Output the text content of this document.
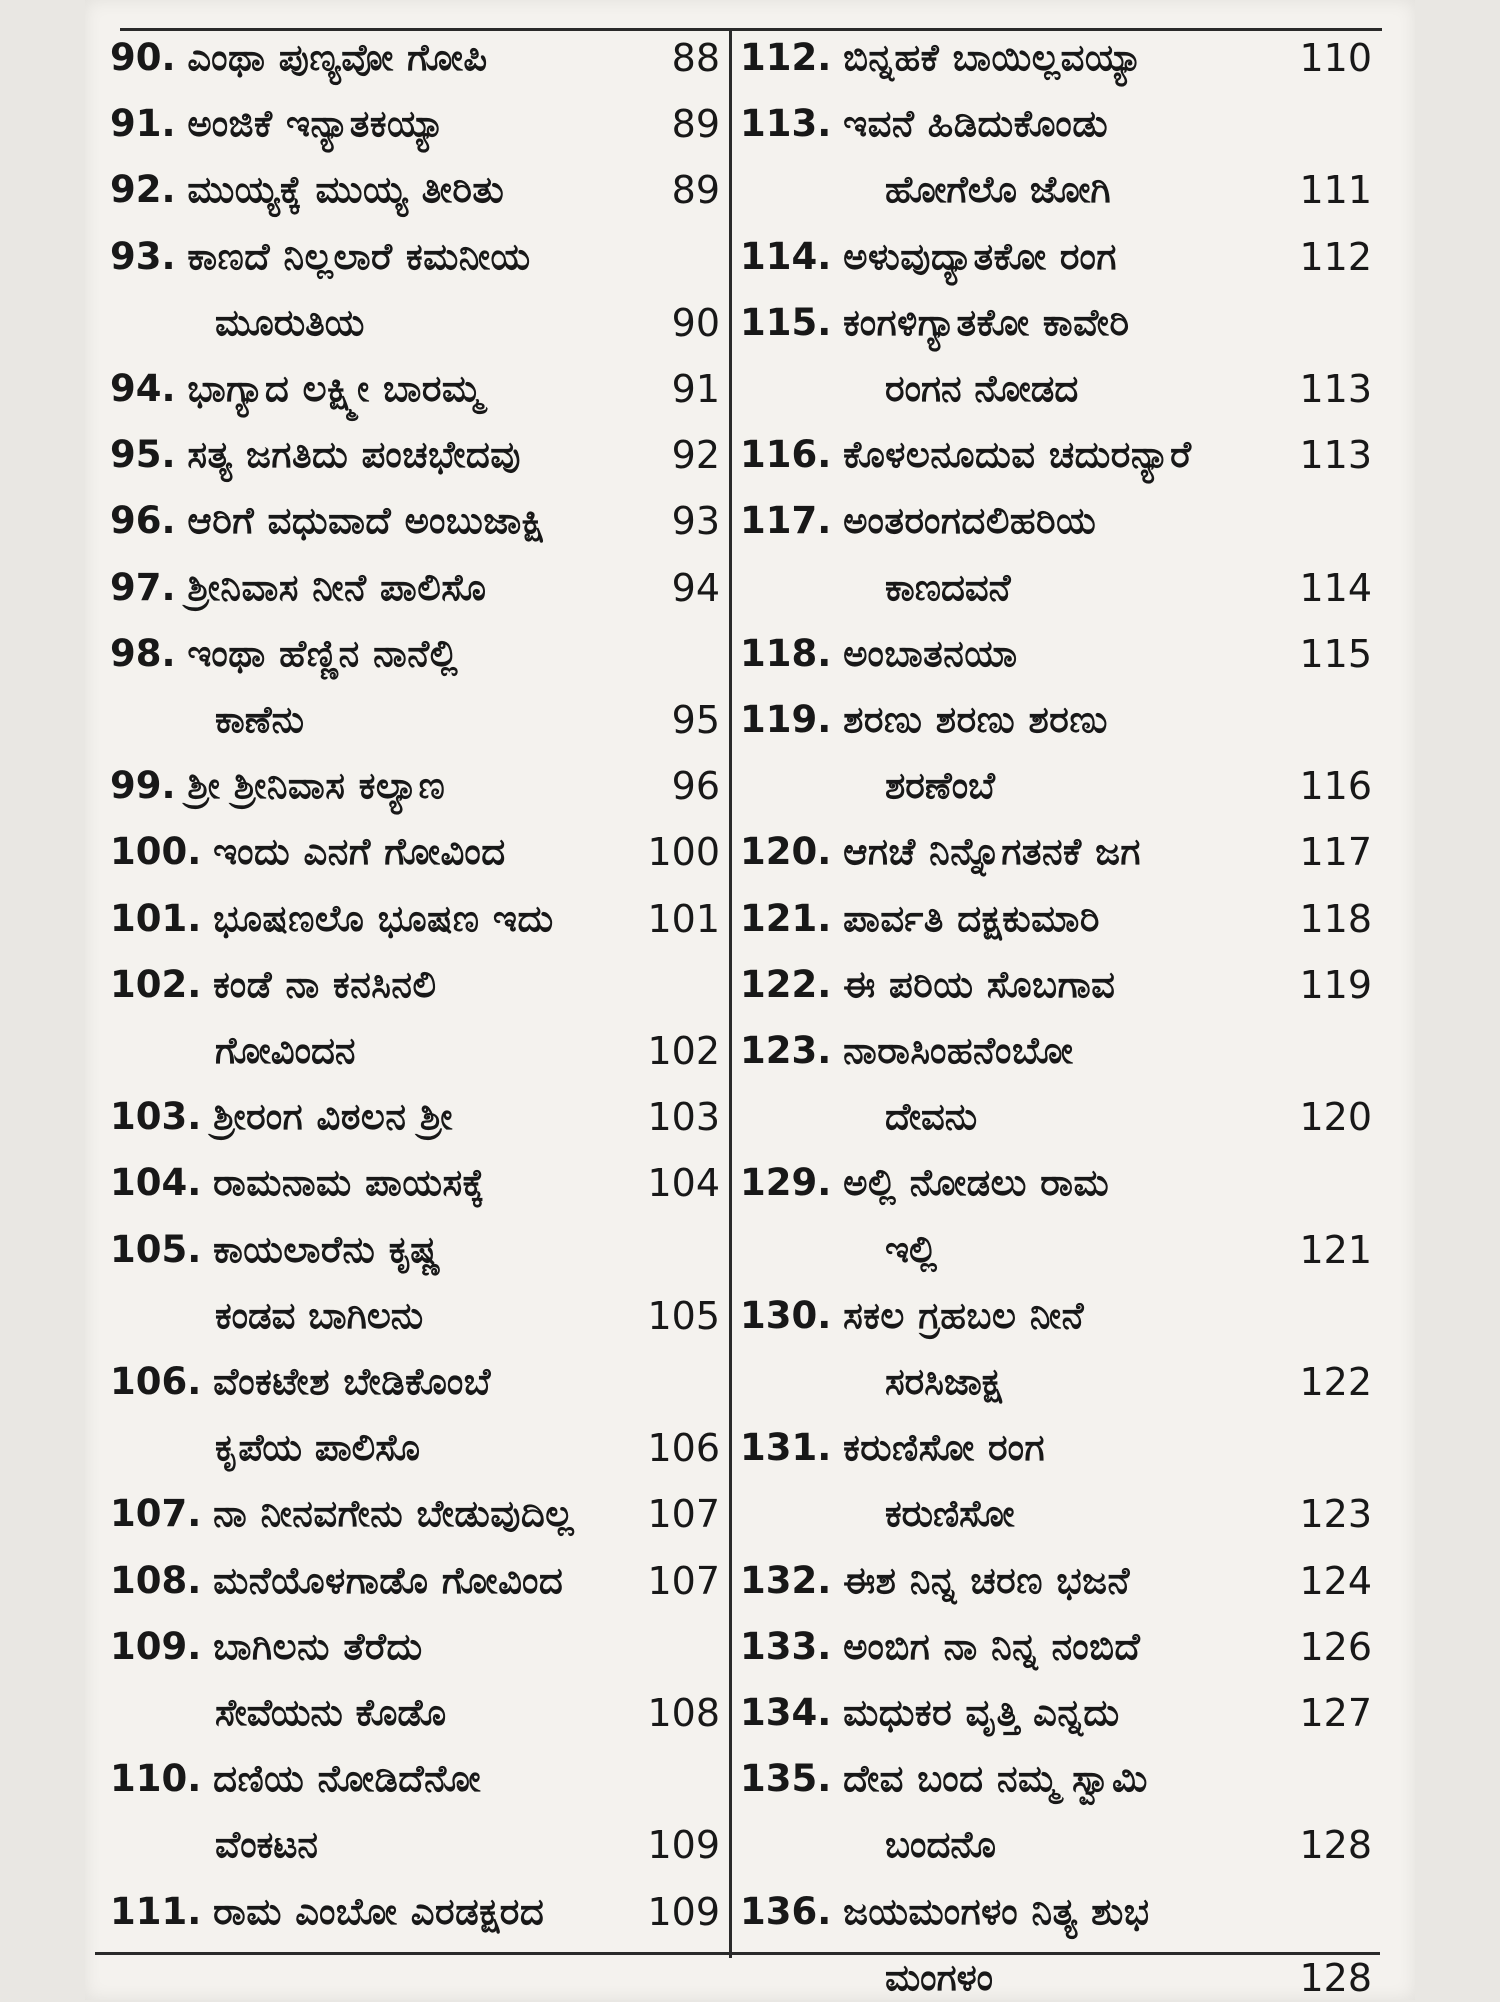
90. ಎಂಥಾ ಪುಣ್ಯವೋ ಗೋಪಿ	88
91. ಅಂಜಿಕೆ ಇನ್ಯಾತಕಯ್ಯಾ	89
92. ಮುಯ್ಯಕ್ಕೆ ಮುಯ್ಯ ತೀರಿತು	89
93. ಕಾಣದೆ ನಿಲ್ಲಲಾರೆ ಕಮನೀಯ
ಮೂರುತಿಯ	90
94. ಭಾಗ್ಯಾದ ಲಕ್ಷ್ಮೀ ಬಾರಮ್ಮ	91
95. ಸತ್ಯ ಜಗತಿದು ಪಂಚಭೇದವು	92
96. ಆರಿಗೆ ವಧುವಾದೆ ಅಂಬುಜಾಕ್ಷಿ	93
97. ಶ್ರೀನಿವಾಸ ನೀನೆ ಪಾಲಿಸೊ	94
98. ಇಂಥಾ ಹೆಣ್ಣಿನ ನಾನೆಲ್ಲಿ
ಕಾಣೆನು	95
99. ಶ್ರೀ ಶ್ರೀನಿವಾಸ ಕಲ್ಯಾಣ	96
100. ಇಂದು ಎನಗೆ ಗೋವಿಂದ	100
101. ಭೂಷಣಲೊ ಭೂಷಣ ಇದು 101
102. ಕಂಡೆ ನಾ ಕನಸಿನಲಿ
ಗೋವಿಂದನ	102
103. ಶ್ರೀರಂಗ ವಿಠಲನ ಶ್ರೀ	103
104. ರಾಮನಾಮ ಪಾಯಸಕ್ಕೆ	104
105. ಕಾಯಲಾರೆನು ಕೃಷ್ಣ
ಕಂಡವ ಬಾಗಿಲನು	105
106. ವೆಂಕಟೇಶ ಬೇಡಿಕೊಂಬೆ
ಕೃಪೆಯ ಪಾಲಿಸೊ	106
107. ನಾ ನೀನವಗೇನು ಬೇಡುವುದಿಲ್ಲ 107
108. ಮನೆಯೊಳಗಾಡೊ ಗೋವಿಂದ 107
109. ಬಾಗಿಲನು ತೆರೆದು
ಸೇವೆಯನು ಕೊಡೊ	108
110. ದಣಿಯ ನೋಡಿದೆನೋ
ವೆಂಕಟನ	109
111. ರಾಮ ಎಂಬೋ ಎರಡಕ್ಷರದ	109
112. ಬಿನ್ನಹಕೆ ಬಾಯಿಲ್ಲವಯ್ಯಾ	110
113. ಇವನೆ ಹಿಡಿದುಕೊಂಡು
ಹೋಗೆಲೊ ಜೋಗಿ	111
114. ಅಳುವುದ್ಯಾತಕೋ ರಂಗ	112
115. ಕಂಗಳಿಗ್ಯಾತಕೋ ಕಾವೇರಿ
ರಂಗನ ನೋಡದ	113
116. ಕೊಳಲನೂದುವ ಚದುರನ್ಯಾರೆ	113
117. ಅಂತರಂಗದಲಿಹರಿಯ
ಕಾಣದವನೆ	114
118. ಅಂಬಾತನಯಾ	115
119. ಶರಣು ಶರಣು ಶರಣು
ಶರಣೆಂಬೆ	116
120. ಆಗಚೆ ನಿನ್ನೊಗತನಕೆ ಜಗ	117
121. ಪಾರ್ವತಿ ದಕ್ಷಕುಮಾರಿ	118
122. ಈ ಪರಿಯ ಸೊಬಗಾವ	119
123. ನಾರಾಸಿಂಹನೆಂಬೋ
ದೇವನು	120
129. ಅಲ್ಲಿ ನೋಡಲು ರಾಮ
ಇಲ್ಲಿ	121
130. ಸಕಲ ಗ್ರಹಬಲ ನೀನೆ
ಸರಸಿಜಾಕ್ಷ	122
131. ಕರುಣಿಸೋ ರಂಗ
ಕರುಣಿಸೋ	123
132. ಈಶ ನಿನ್ನ ಚರಣ ಭಜನೆ	124
133. ಅಂಬಿಗ ನಾ ನಿನ್ನ ನಂಬಿದೆ	126
134. ಮಧುಕರ ವೃತ್ತಿ ಎನ್ನದು	127
135. ದೇವ ಬಂದ ನಮ್ಮ ಸ್ವಾಮಿ
ಬಂದನೊ	128
136. ಜಯಮಂಗಳಂ ನಿತ್ಯ ಶುಭ
ಮಂಗಳಂ	128
